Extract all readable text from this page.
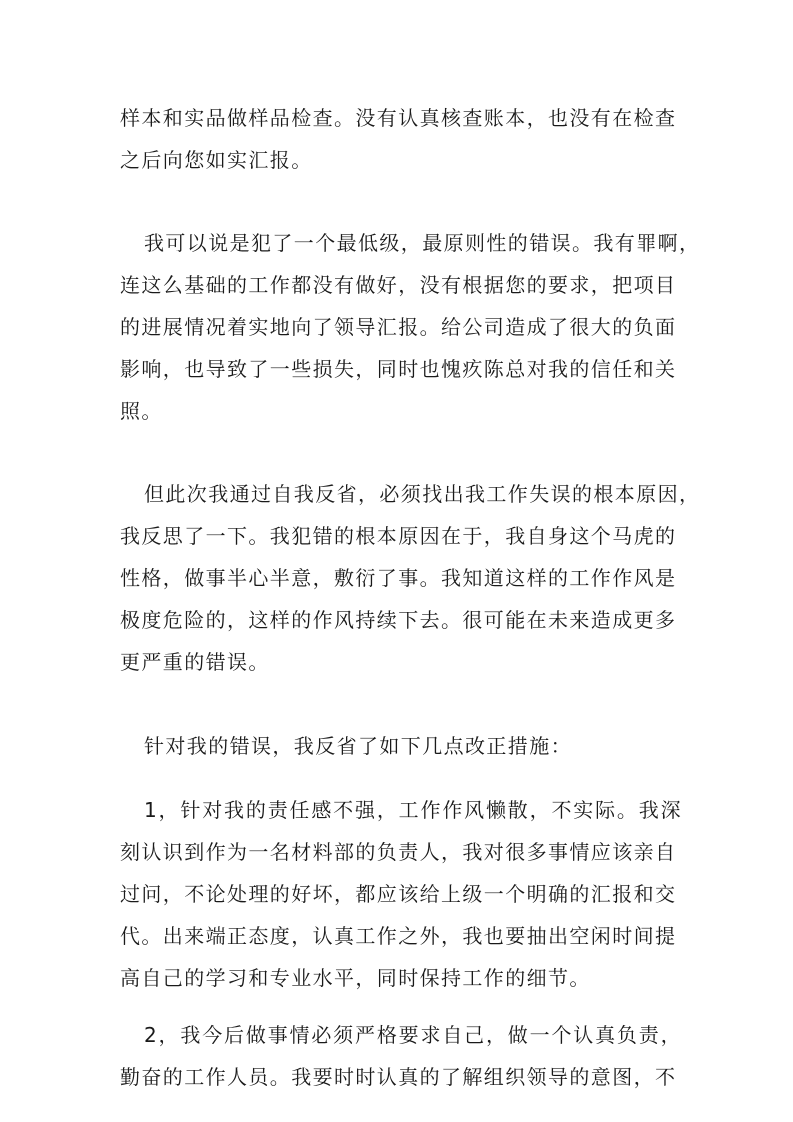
样本和实品做样品检查。没有认真核查账本，也没有在检查
之后向您如实汇报。
我可以说是犯了一个最低级，最原则性的错误。我有罪啊，
连这么基础的工作都没有做好，没有根据您的要求，把项目
的进展情况着实地向了领导汇报。给公司造成了很大的负面
影响，也导致了一些损失，同时也愧疚陈总对我的信任和关
照。
但此次我通过自我反省，必须找出我工作失误的根本原因，
我反思了一下。我犯错的根本原因在于，我自身这个马虎的
性格，做事半心半意，敷衍了事。我知道这样的工作作风是
极度危险的，这样的作风持续下去。很可能在未来造成更多
更严重的错误。
针对我的错误，我反省了如下几点改正措施：
1，针对我的责任感不强，工作作风懒散，不实际。我深
刻认识到作为一名材料部的负责人，我对很多事情应该亲自
过问，不论处理的好坏，都应该给上级一个明确的汇报和交
代。出来端正态度，认真工作之外，我也要抽出空闲时间提
高自己的学习和专业水平，同时保持工作的细节。
2，我今后做事情必须严格要求自己，做一个认真负责，
勤奋的工作人员。我要时时认真的了解组织领导的意图，不
